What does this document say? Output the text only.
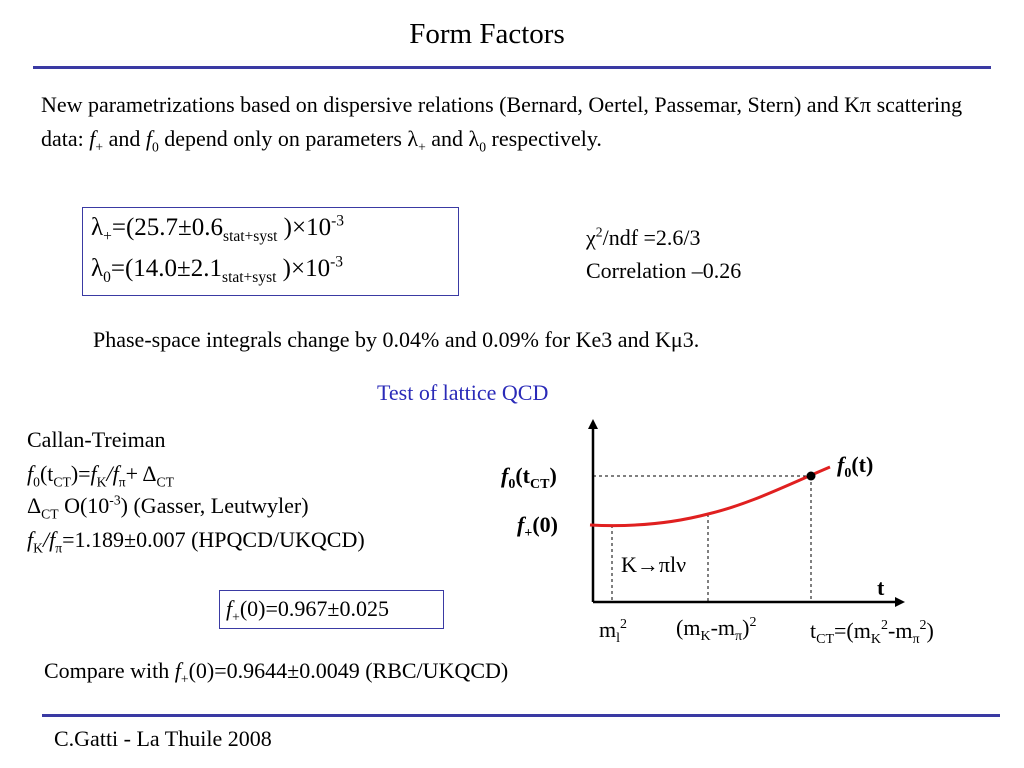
Form Factors
New parametrizations based on dispersive relations (Bernard, Oertel, Passemar, Stern) and Kπ scattering data: $f_+$ and $f_0$ depend only on parameters $\lambda_+$ and $\lambda_0$ respectively.
$\lambda_+=(25.7\pm 0.6_{stat+syst}$ )$\times 10^{-3}$
$\lambda_0=(14.0\pm 2.1_{stat+syst}$ )$\times 10^{-3}$
$\chi^2$/ndf =2.6/3
Correlation –0.26
Phase-space integrals change by 0.04% and 0.09% for Ke3 and Kμ3.
Test of lattice QCD
Callan-Treiman
$f_0(t_{CT})=f_K/f_\pi+ \Delta_{CT}$
$\Delta_{CT}$ $O(10^{-3})$ (Gasser, Leutwyler)
$f_K/f_\pi=1.189\pm 0.007$ (HPQCD/UKQCD)
$f_+(0)=0.967\pm 0.025$
Compare with $f_+(0)=0.9644\pm 0.0049$ (RBC/UKQCD)
C.Gatti - La Thuile 2008
$f_0(t_{CT})$
$f_+(0)$
$f_0(t)$
t
K→πlν
$m_l^2$ $(m_K-m_\pi)^2$ $t_{CT}=(m_K^2-m_\pi^2)$
